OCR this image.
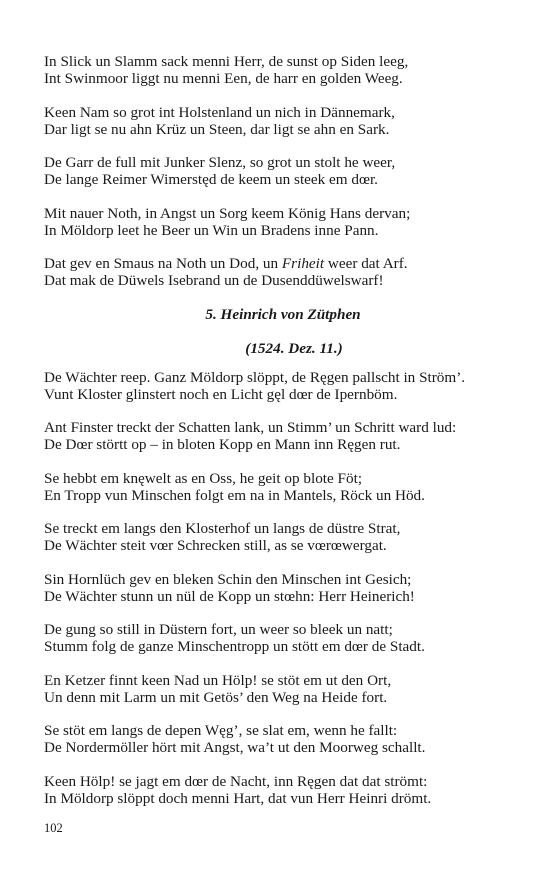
In Slick un Slamm sack menni Herr, de sunst op Siden leeg,
Int Swinmoor liggt nu menni Een, de harr en golden Weeg.
Keen Nam so grot int Holstenland un nich in Dännemark,
Dar ligt se nu ahn Krüz un Steen, dar ligt se ahn en Sark.
De Garr de full mit Junker Slenz, so grot un stolt he weer,
De lange Reimer Wimerstęd de keem un steek em dœr.
Mit nauer Noth, in Angst un Sorg keem König Hans dervan;
In Möldorp leet he Beer un Win un Bradens inne Pann.
Dat gev en Smaus na Noth un Dod, un Friheit weer dat Arf.
Dat mak de Düwels Isebrand un de Dusenddüwelswarf!
5. Heinrich von Zütphen
(1524. Dez. 11.)
De Wächter reep. Ganz Möldorp slöppt, de Ręgen pallscht in Ström’.
Vunt Kloster glinstert noch en Licht gęl dœr de Ipernböm.
Ant Finster treckt der Schatten lank, un Stimm’ un Schritt ward lud:
De Dœr störtt op – in bloten Kopp en Mann inn Ręgen rut.
Se hebbt em knęwelt as en Oss, he geit op blote Föt;
En Tropp vun Minschen folgt em na in Mantels, Röck un Höd.
Se treckt em langs den Klosterhof un langs de düstre Strat,
De Wächter steit vœr Schrecken still, as se vœrœwergat.
Sin Hornlüch gev en bleken Schin den Minschen int Gesich;
De Wächter stunn un nül de Kopp un stœhn: Herr Heinerich!
De gung so still in Düstern fort, un weer so bleek un natt;
Stumm folg de ganze Minschentropp un stött em dœr de Stadt.
En Ketzer finnt keen Nad un Hölp! se stöt em ut den Ort,
Un denn mit Larm un mit Getös’ den Weg na Heide fort.
Se stöt em langs de depen Węg’, se slat em, wenn he fallt:
De Nordermöller hört mit Angst, wa’t ut den Moorweg schallt.
Keen Hölp! se jagt em dœr de Nacht, inn Ręgen dat dat strömt:
In Möldorp slöppt doch menni Hart, dat vun Herr Heinri drömt.
102
